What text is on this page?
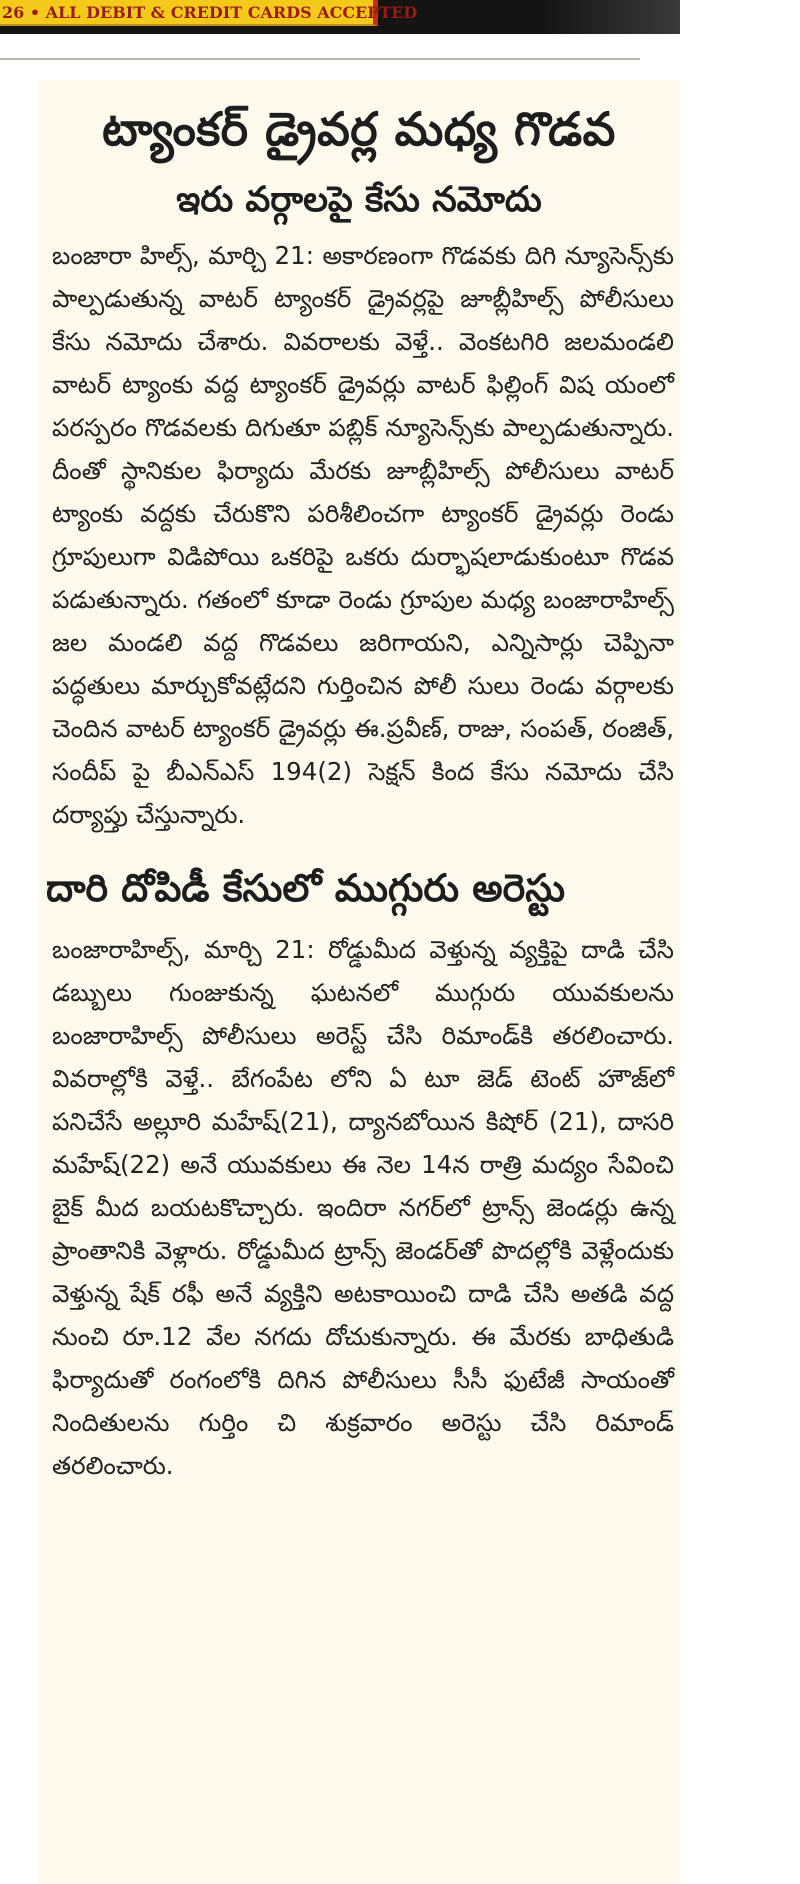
26 • ALL DEBIT & CREDIT CARDS ACCEPTED
ట్యాంకర్ డ్రైవర్ల మధ్య గొడవ
ఇరు వర్గాలపై కేసు నమోదు

బంజారా హిల్స్, మార్చి 21: అకారణంగా గొడవకు దిగి న్యూసెన్స్‌కు పాల్పడుతున్న వాటర్ ట్యాంకర్ డ్రైవర్లపై జూబ్లీహిల్స్ పోలీసులు కేసు నమోదు చేశారు. వివరాలకు వెళ్తే.. వెంకటగిరి జలమండలి వాటర్ ట్యాంకు వద్ద ట్యాంకర్ డ్రైవర్లు వాటర్ ఫిల్లింగ్ విష యంలో పరస్పరం గొడవలకు దిగుతూ పబ్లిక్ న్యూసెన్స్‌కు పాల్పడుతున్నారు. దీంతో స్థానికుల ఫిర్యాదు మేరకు జూబ్లీహిల్స్ పోలీసులు వాటర్ ట్యాంకు వద్దకు చేరుకొని పరిశీలించగా ట్యాంకర్ డ్రైవర్లు రెండు గ్రూపులుగా విడిపోయి ఒకరిపై ఒకరు దుర్భాషలాడుకుంటూ గొడవ పడుతున్నారు. గతంలో కూడా రెండు గ్రూపుల మధ్య బంజారాహిల్స్ జల మండలి వద్ద గొడవలు జరిగాయని, ఎన్నిసార్లు చెప్పినా పద్ధతులు మార్చుకోవట్లేదని గుర్తించిన పోలీ సులు రెండు వర్గాలకు చెందిన వాటర్ ట్యాంకర్ డ్రైవర్లు ఈ.ప్రవీణ్, రాజు, సంపత్, రంజిత్, సందీప్ పై బీఎన్ఎస్ 194(2) సెక్షన్ కింద కేసు నమోదు చేసి దర్యాప్తు చేస్తున్నారు.

దారి దోపిడీ కేసులో ముగ్గురు అరెస్టు

బంజారాహిల్స్, మార్చి 21: రోడ్డుమీద వెళ్తున్న వ్యక్తిపై దాడి చేసి డబ్బులు గుంజుకున్న ఘటనలో ముగ్గురు యువకులను బంజారాహిల్స్ పోలీసులు అరెస్ట్ చేసి రిమాండ్‌కి తరలించారు. వివరాల్లోకి వెళ్తే.. బేగంపేట లోని ఏ టూ జెడ్ టెంట్ హౌజ్‌లో పనిచేసే అల్లూరి మహేష్(21), ద్యానబోయిన కిషోర్ (21), దాసరి మహేష్(22) అనే యువకులు ఈ నెల 14న రాత్రి మద్యం సేవించి బైక్ మీద బయటకొచ్చారు. ఇందిరా నగర్‌లో ట్రాన్స్ జెండర్లు ఉన్న ప్రాంతానికి వెళ్లారు. రోడ్డుమీద ట్రాన్స్ జెండర్‌తో పొదల్లోకి వెళ్లేందుకు వెళ్తున్న షేక్ రఫీ అనే వ్యక్తిని అటకాయించి దాడి చేసి అతడి వద్ద నుంచి రూ.12 వేల నగదు దోచుకున్నారు. ఈ మేరకు బాధితుడి ఫిర్యాదుతో రంగంలోకి దిగిన పోలీసులు సీసీ ఫుటేజీ సాయంతో నిందితులను గుర్తిం చి శుక్రవారం అరెస్టు చేసి రిమాండ్ తరలించారు.
